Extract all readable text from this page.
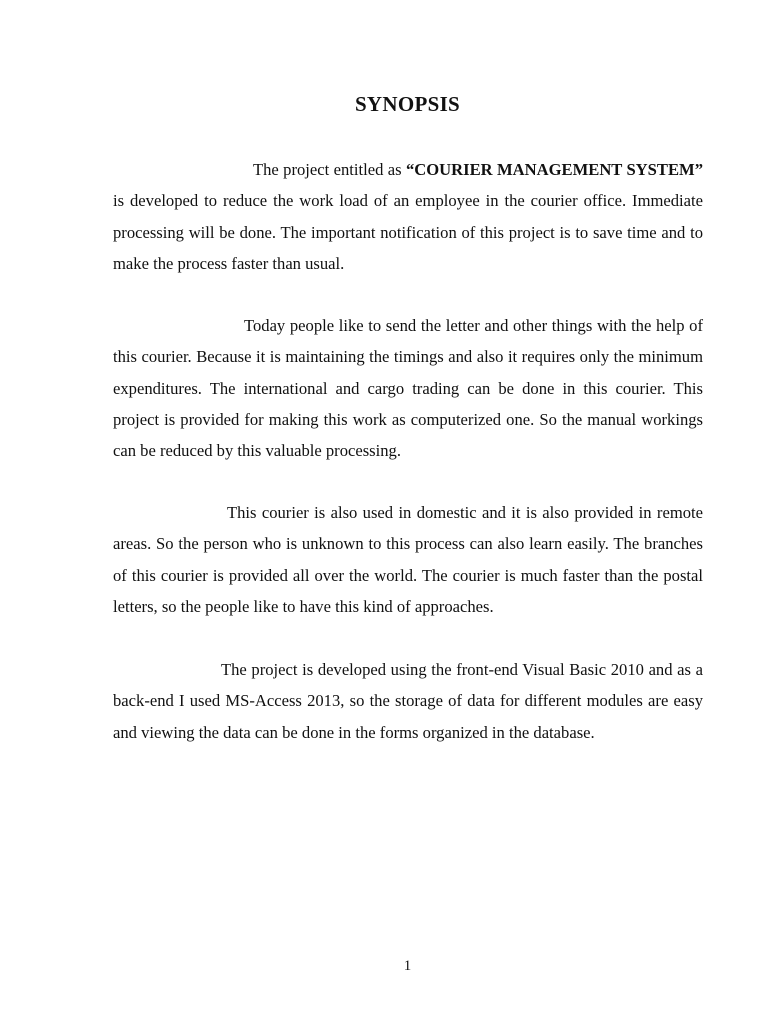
SYNOPSIS

The project entitled as “COURIER MANAGEMENT SYSTEM” is developed to reduce the work load of an employee in the courier office. Immediate processing will be done. The important notification of this project is to save time and to make the process faster than usual.

Today people like to send the letter and other things with the help of this courier. Because it is maintaining the timings and also it requires only the minimum expenditures. The international and cargo trading can be done in this courier. This project is provided for making this work as computerized one. So the manual workings can be reduced by this valuable processing.

This courier is also used in domestic and it is also provided in remote areas. So the person who is unknown to this process can also learn easily. The branches of this courier is provided all over the world. The courier is much faster than the postal letters, so the people like to have this kind of approaches.

The project is developed using the front-end Visual Basic 2010 and as a back-end I used MS-Access 2013, so the storage of data for different modules are easy and viewing the data can be done in the forms organized in the database.

1
